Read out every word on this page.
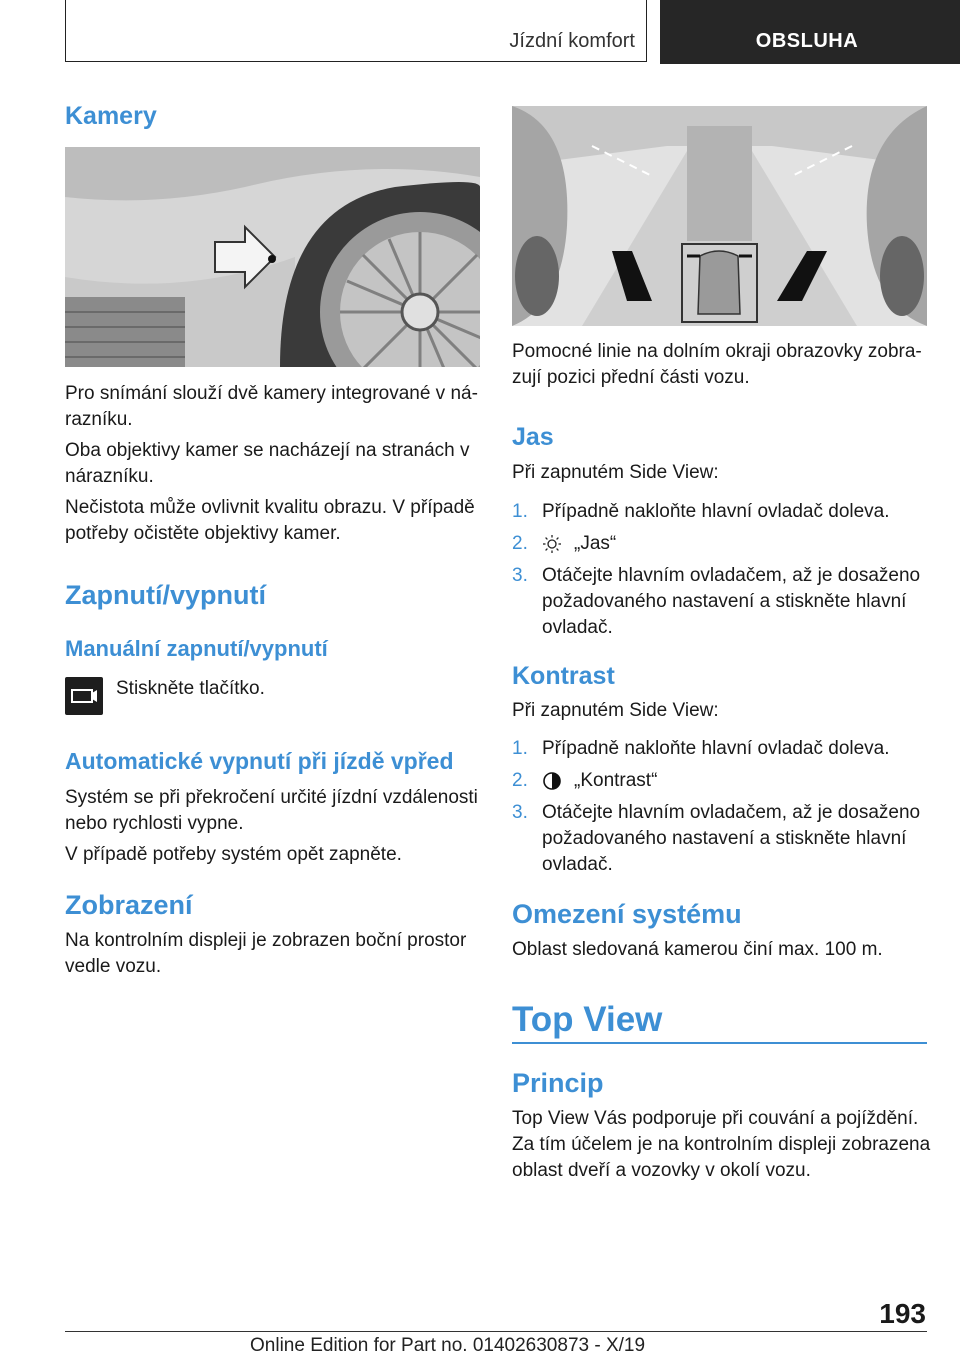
Jízdní komfort	OBSLUHA
Kamery

Pro snímání slouží dvě kamery integrované v ná-

razníku.

Oba objektivy kamer se nacházejí na stranách v

nárazníku.

Nečistota může ovlivnit kvalitu obrazu. V případě

potřeby očistěte objektivy kamer.

Zapnutí/vypnutí
Manuální zapnutí/vypnutí

Stiskněte tlačítko.

Automatické vypnutí při jízdě vpřed

Systém se při překročení určité jízdní vzdálenosti

nebo rychlosti vypne.

V případě potřeby systém opět zapněte.

Zobrazení

Na kontrolním displeji je zobrazen boční prostor

vedle vozu.

Pomocné linie na dolním okraji obrazovky zobra-

zují pozici přední části vozu.

Jas

Při zapnutém Side View:

1. Případně nakloňte hlavní ovladač doleva.
2. „Jas“
3. Otáčejte hlavním ovladačem, až je dosaženo

požadovaného nastavení a stiskněte hlavní

ovladač.

Kontrast

Při zapnutém Side View:

1. Případně nakloňte hlavní ovladač doleva.
2. „Kontrast“
3. Otáčejte hlavním ovladačem, až je dosaženo

požadovaného nastavení a stiskněte hlavní

ovladač.

Omezení systému

Oblast sledovaná kamerou činí max. 100 m.

Top View
Princip

Top View Vás podporuje při couvání a pojíždění.

Za tím účelem je na kontrolním displeji zobrazena

oblast dveří a vozovky v okolí vozu.

193
Online Edition for Part no. 01402630873 - X/19
